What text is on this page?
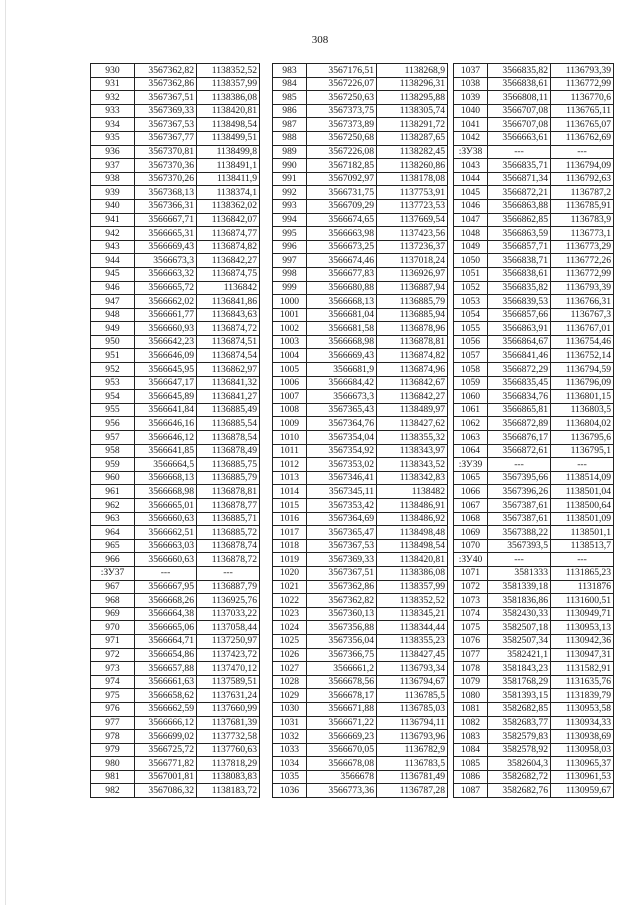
308
930	3567362,82	1138352,52
931	3567362,86	1138357,99
932	3567367,51	1138386,08
933	3567369,33	1138420,81
934	3567367,53	1138498,54
935	3567367,77	1138499,51
936	3567370,81	1138499,8
937	3567370,36	1138491,1
938	3567370,26	1138411,9
939	3567368,13	1138374,1
940	3567366,31	1138362,02
941	3566667,71	1136842,07
942	3566665,31	1136874,77
943	3566669,43	1136874,82
944	3566673,3	1136842,27
945	3566663,32	1136874,75
946	3566665,72	1136842
947	3566662,02	1136841,86
948	3566661,77	1136843,63
949	3566660,93	1136874,72
950	3566642,23	1136874,51
951	3566646,09	1136874,54
952	3566645,95	1136862,97
953	3566647,17	1136841,32
954	3566645,89	1136841,27
955	3566641,84	1136885,49
956	3566646,16	1136885,54
957	3566646,12	1136878,54
958	3566641,85	1136878,49
959	3566664,5	1136885,75
960	3566668,13	1136885,79
961	3566668,98	1136878,81
962	3566665,01	1136878,77
963	3566660,63	1136885,71
964	3566662,51	1136885,72
965	3566663,03	1136878,74
966	3566660,63	1136878,72
:ЗУ37	---	---
967	3566667,95	1136887,79
968	3566668,26	1136925,76
969	3566664,38	1137033,22
970	3566665,06	1137058,44
971	3566664,71	1137250,97
972	3566654,86	1137423,72
973	3566657,88	1137470,12
974	3566661,63	1137589,51
975	3566658,62	1137631,24
976	3566662,59	1137660,99
977	3566666,12	1137681,39
978	3566699,02	1137732,58
979	3566725,72	1137760,63
980	3566771,82	1137818,29
981	3567001,81	1138083,83
982	3567086,32	1138183,72
983	3567176,51	1138268,9
984	3567226,07	1138296,31
985	3567250,63	1138295,88
986	3567373,75	1138305,74
987	3567373,89	1138291,72
988	3567250,68	1138287,65
989	3567226,08	1138282,45
990	3567182,85	1138260,86
991	3567092,97	1138178,08
992	3566731,75	1137753,91
993	3566709,29	1137723,53
994	3566674,65	1137669,54
995	3566663,98	1137423,56
996	3566673,25	1137236,37
997	3566674,46	1137018,24
998	3566677,83	1136926,97
999	3566680,88	1136887,94
1000	3566668,13	1136885,79
1001	3566681,04	1136885,94
1002	3566681,58	1136878,96
1003	3566668,98	1136878,81
1004	3566669,43	1136874,82
1005	3566681,9	1136874,96
1006	3566684,42	1136842,67
1007	3566673,3	1136842,27
1008	3567365,43	1138489,97
1009	3567364,76	1138427,62
1010	3567354,04	1138355,32
1011	3567354,92	1138343,97
1012	3567353,02	1138343,52
1013	3567346,41	1138342,83
1014	3567345,11	1138482
1015	3567353,42	1138486,91
1016	3567364,69	1138486,92
1017	3567365,47	1138498,48
1018	3567367,53	1138498,54
1019	3567369,33	1138420,81
1020	3567367,51	1138386,08
1021	3567362,86	1138357,99
1022	3567362,82	1138352,52
1023	3567360,13	1138345,21
1024	3567356,88	1138344,44
1025	3567356,04	1138355,23
1026	3567366,75	1138427,45
1027	3566661,2	1136793,34
1028	3566678,56	1136794,67
1029	3566678,17	1136785,5
1030	3566671,88	1136785,03
1031	3566671,22	1136794,11
1032	3566669,23	1136793,96
1033	3566670,05	1136782,9
1034	3566678,08	1136783,5
1035	3566678	1136781,49
1036	3566773,36	1136787,28
1037	3566835,82	1136793,39
1038	3566838,61	1136772,99
1039	3566808,11	1136770,6
1040	3566707,08	1136765,11
1041	3566707,08	1136765,07
1042	3566663,61	1136762,69
:ЗУ38	---	---
1043	3566835,71	1136794,09
1044	3566871,34	1136792,63
1045	3566872,21	1136787,2
1046	3566863,88	1136785,91
1047	3566862,85	1136783,9
1048	3566863,59	1136773,1
1049	3566857,71	1136773,29
1050	3566838,71	1136772,26
1051	3566838,61	1136772,99
1052	3566835,82	1136793,39
1053	3566839,53	1136766,31
1054	3566857,66	1136767,3
1055	3566863,91	1136767,01
1056	3566864,67	1136754,46
1057	3566841,46	1136752,14
1058	3566872,29	1136794,59
1059	3566835,45	1136796,09
1060	3566834,76	1136801,15
1061	3566865,81	1136803,5
1062	3566872,89	1136804,02
1063	3566876,17	1136795,6
1064	3566872,61	1136795,1
:ЗУ39	---	---
1065	3567395,66	1138514,09
1066	3567396,26	1138501,04
1067	3567387,61	1138500,64
1068	3567387,61	1138501,09
1069	3567388,22	1138501,1
1070	3567393,5	1138513,7
:ЗУ40	---	---
1071	3581333	1131865,23
1072	3581339,18	1131876
1073	3581836,86	1131600,51
1074	3582430,33	1130949,71
1075	3582507,18	1130953,13
1076	3582507,34	1130942,36
1077	3582421,1	1130947,31
1078	3581843,23	1131582,91
1079	3581768,29	1131635,76
1080	3581393,15	1131839,79
1081	3582682,85	1130953,58
1082	3582683,77	1130934,33
1083	3582579,83	1130938,69
1084	3582578,92	1130958,03
1085	3582604,3	1130965,37
1086	3582682,72	1130961,53
1087	3582682,76	1130959,67
